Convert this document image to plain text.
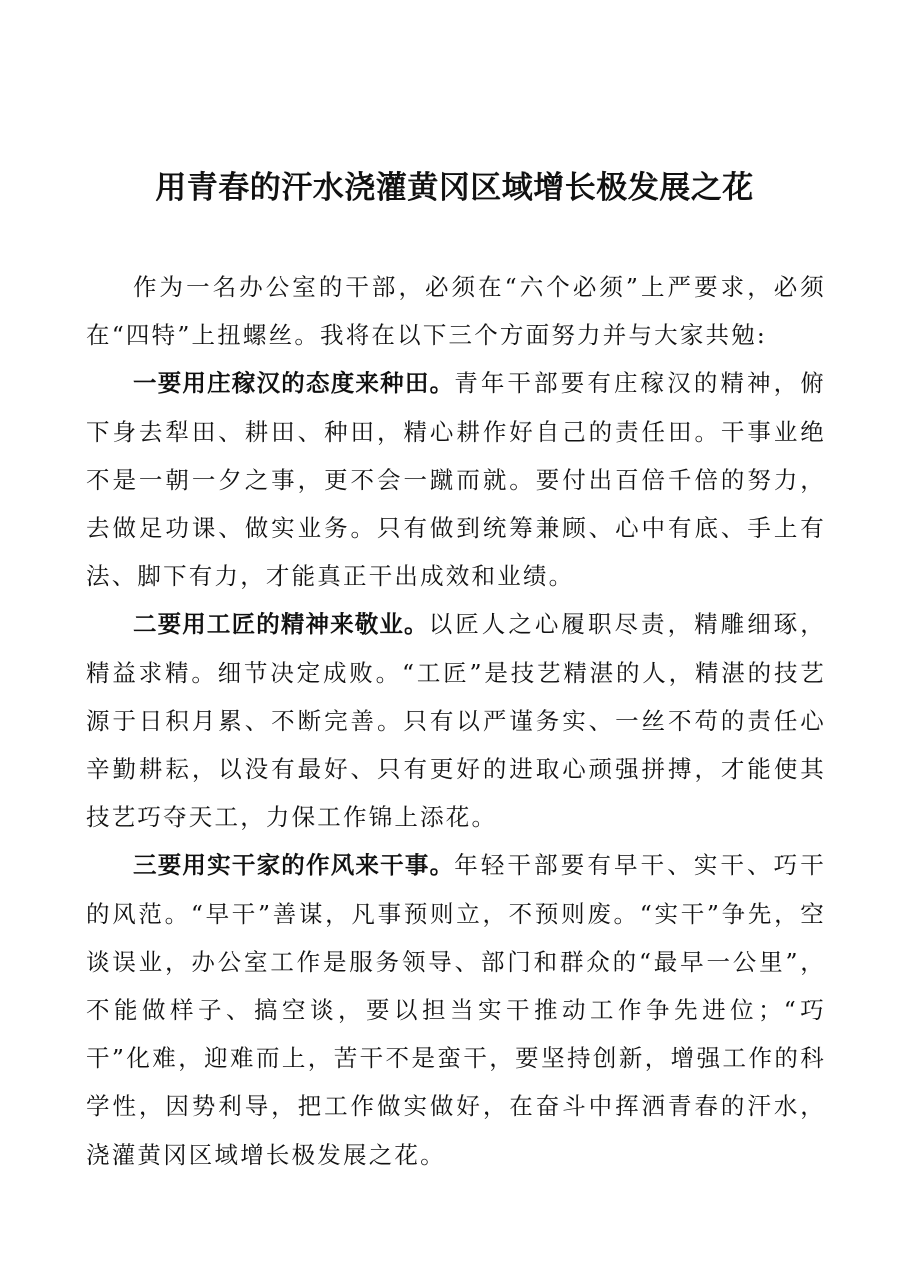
用青春的汗水浇灌黄冈区域增长极发展之花

作为一名办公室的干部，必须在“六个必须”上严要求，必须在“四特”上扭螺丝。我将在以下三个方面努力并与大家共勉:

一要用庄稼汉的态度来种田。青年干部要有庄稼汉的精神，俯下身去犁田、耕田、种田，精心耕作好自己的责任田。干事业绝不是一朝一夕之事，更不会一蹴而就。要付出百倍千倍的努力，去做足功课、做实业务。只有做到统筹兼顾、心中有底、手上有法、脚下有力，才能真正干出成效和业绩。

二要用工匠的精神来敬业。以匠人之心履职尽责，精雕细琢，精益求精。细节决定成败。“工匠”是技艺精湛的人，精湛的技艺源于日积月累、不断完善。只有以严谨务实、一丝不苟的责任心辛勤耕耘，以没有最好、只有更好的进取心顽强拼搏，才能使其技艺巧夺天工，力保工作锦上添花。

三要用实干家的作风来干事。年轻干部要有早干、实干、巧干的风范。“早干”善谋，凡事预则立，不预则废。“实干”争先，空谈误业，办公室工作是服务领导、部门和群众的“最早一公里”，不能做样子、搞空谈，要以担当实干推动工作争先进位；“巧干”化难，迎难而上，苦干不是蛮干，要坚持创新，增强工作的科学性，因势利导，把工作做实做好，在奋斗中挥洒青春的汗水，浇灌黄冈区域增长极发展之花。
